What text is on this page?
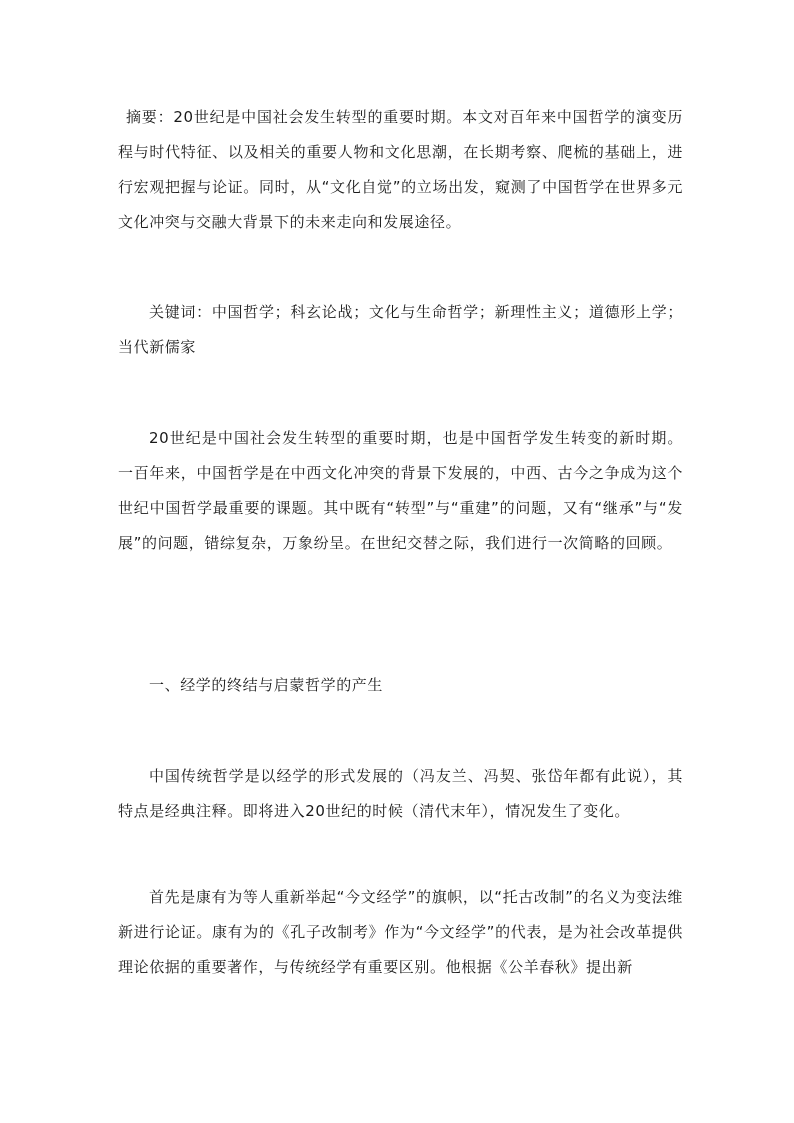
摘要：20世纪是中国社会发生转型的重要时期。本文对百年来中国哲学的演变历程与时代特征、以及相关的重要人物和文化思潮，在长期考察、爬梳的基础上，进行宏观把握与论证。同时，从“文化自觉”的立场出发，窥测了中国哲学在世界多元文化冲突与交融大背景下的未来走向和发展途径。

关键词：中国哲学；科玄论战；文化与生命哲学；新理性主义；道德形上学；当代新儒家

20世纪是中国社会发生转型的重要时期，也是中国哲学发生转变的新时期。一百年来，中国哲学是在中西文化冲突的背景下发展的，中西、古今之争成为这个世纪中国哲学最重要的课题。其中既有“转型”与“重建”的问题，又有“继承”与“发展”的问题，错综复杂，万象纷呈。在世纪交替之际，我们进行一次简略的回顾。

一、经学的终结与启蒙哲学的产生

中国传统哲学是以经学的形式发展的（冯友兰、冯契、张岱年都有此说），其特点是经典注释。即将进入20世纪的时候（清代末年），情况发生了变化。

首先是康有为等人重新举起“今文经学”的旗帜，以“托古改制”的名义为变法维新进行论证。康有为的《孔子改制考》作为“今文经学”的代表，是为社会改革提供理论依据的重要著作，与传统经学有重要区别。他根据《公羊春秋》提出新
